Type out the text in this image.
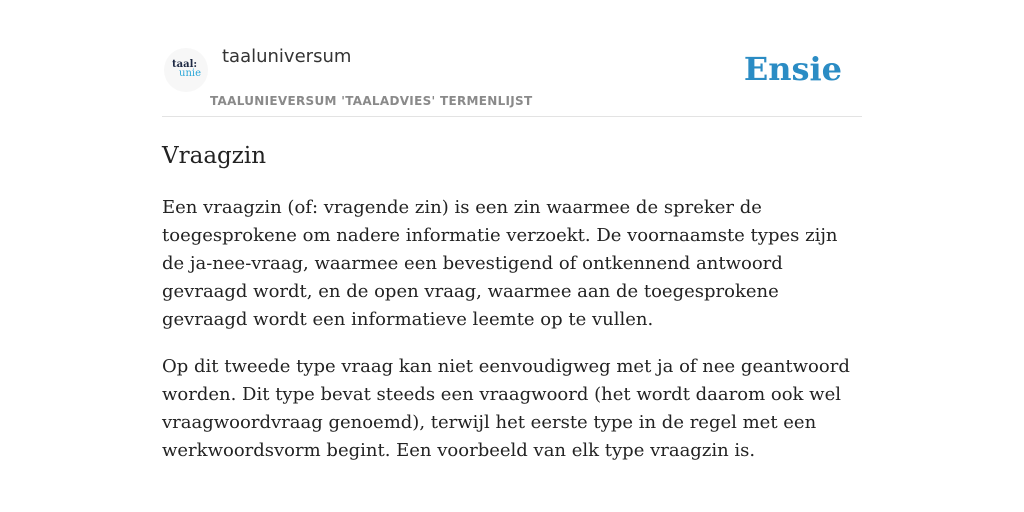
taal:
unie
taaluniversum
TAALUNIEVERSUM 'TAALADVIES' TERMENLIJST
Ensie
Vraagzin

Een vraagzin (of: vragende zin) is een zin waarmee de spreker de toegesprokene om nadere informatie verzoekt. De voornaamste types zijn de ja-nee-vraag, waarmee een bevestigend of ontkennend antwoord gevraagd wordt, en de open vraag, waarmee aan de toegesprokene gevraagd wordt een informatieve leemte op te vullen.

Op dit tweede type vraag kan niet eenvoudigweg met ja of nee geantwoord worden. Dit type bevat steeds een vraagwoord (het wordt daarom ook wel vraagwoordvraag genoemd), terwijl het eerste type in de regel met een werkwoordsvorm begint. Een voorbeeld van elk type vraagzin is.
